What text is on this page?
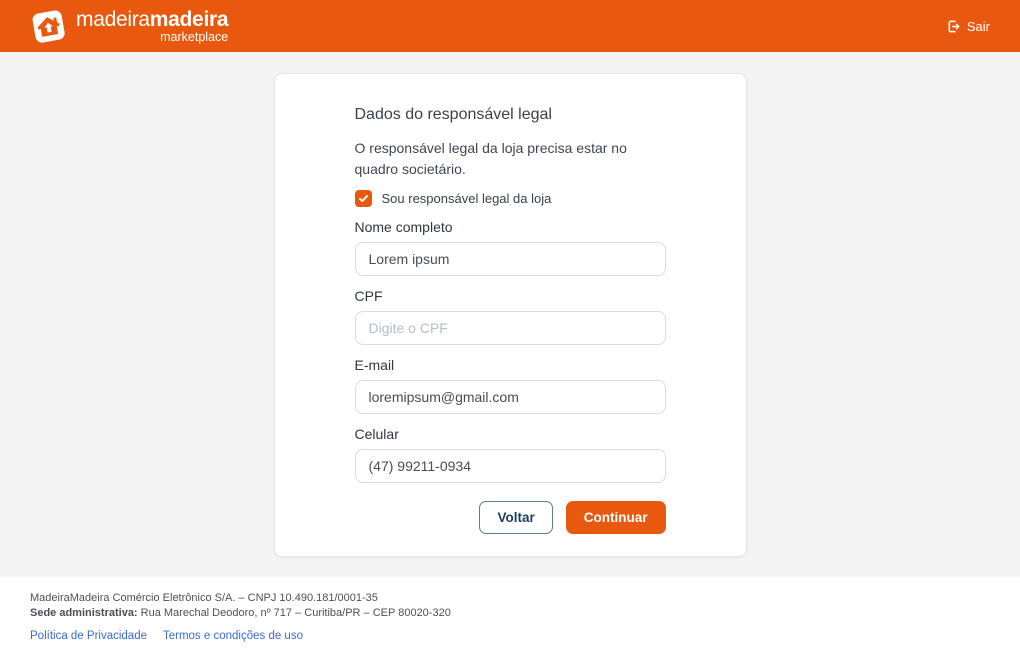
madeiramadeira
marketplace
Sair
Dados do responsável legal

O responsável legal da loja precisa estar no quadro societário.

Sou responsável legal da loja
Nome completo
Lorem ipsum
CPF
Digite o CPF
E-mail
loremipsum@gmail.com
Celular
(47) 99211-0934
Voltar	Continuar
MadeiraMadeira Comércio Eletrônico S/A. – CNPJ 10.490.181/0001-35
Sede administrativa: Rua Marechal Deodoro, nº 717 – Curitiba/PR – CEP 80020-320
Política de Privacidade Termos e condições de uso
